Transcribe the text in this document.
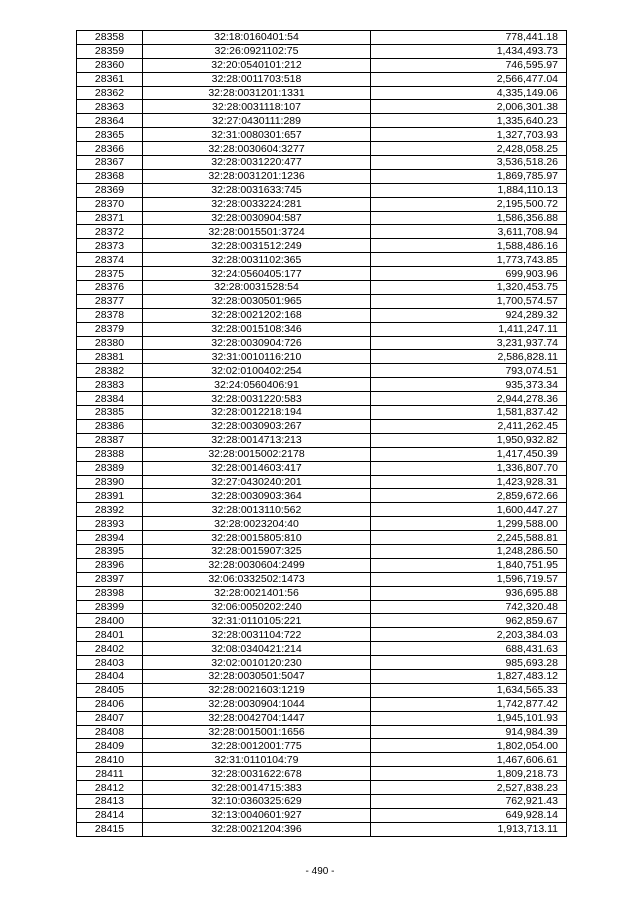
28358	32:18:0160401:54	778,441.18
28359	32:26:0921102:75	1,434,493.73
28360	32:20:0540101:212	746,595.97
28361	32:28:0011703:518	2,566,477.04
28362	32:28:0031201:1331	4,335,149.06
28363	32:28:0031118:107	2,006,301.38
28364	32:27:0430111:289	1,335,640.23
28365	32:31:0080301:657	1,327,703.93
28366	32:28:0030604:3277	2,428,058.25
28367	32:28:0031220:477	3,536,518.26
28368	32:28:0031201:1236	1,869,785.97
28369	32:28:0031633:745	1,884,110.13
28370	32:28:0033224:281	2,195,500.72
28371	32:28:0030904:587	1,586,356.88
28372	32:28:0015501:3724	3,611,708.94
28373	32:28:0031512:249	1,588,486.16
28374	32:28:0031102:365	1,773,743.85
28375	32:24:0560405:177	699,903.96
28376	32:28:0031528:54	1,320,453.75
28377	32:28:0030501:965	1,700,574.57
28378	32:28:0021202:168	924,289.32
28379	32:28:0015108:346	1,411,247.11
28380	32:28:0030904:726	3,231,937.74
28381	32:31:0010116:210	2,586,828.11
28382	32:02:0100402:254	793,074.51
28383	32:24:0560406:91	935,373.34
28384	32:28:0031220:583	2,944,278.36
28385	32:28:0012218:194	1,581,837.42
28386	32:28:0030903:267	2,411,262.45
28387	32:28:0014713:213	1,950,932.82
28388	32:28:0015002:2178	1,417,450.39
28389	32:28:0014603:417	1,336,807.70
28390	32:27:0430240:201	1,423,928.31
28391	32:28:0030903:364	2,859,672.66
28392	32:28:0013110:562	1,600,447.27
28393	32:28:0023204:40	1,299,588.00
28394	32:28:0015805:810	2,245,588.81
28395	32:28:0015907:325	1,248,286.50
28396	32:28:0030604:2499	1,840,751.95
28397	32:06:0332502:1473	1,596,719.57
28398	32:28:0021401:56	936,695.88
28399	32:06:0050202:240	742,320.48
28400	32:31:0110105:221	962,859.67
28401	32:28:0031104:722	2,203,384.03
28402	32:08:0340421:214	688,431.63
28403	32:02:0010120:230	985,693.28
28404	32:28:0030501:5047	1,827,483.12
28405	32:28:0021603:1219	1,634,565.33
28406	32:28:0030904:1044	1,742,877.42
28407	32:28:0042704:1447	1,945,101.93
28408	32:28:0015001:1656	914,984.39
28409	32:28:0012001:775	1,802,054.00
28410	32:31:0110104:79	1,467,606.61
28411	32:28:0031622:678	1,809,218.73
28412	32:28:0014715:383	2,527,838.23
28413	32:10:0360325:629	762,921.43
28414	32:13:0040601:927	649,928.14
28415	32:28:0021204:396	1,913,713.11
- 490 -
